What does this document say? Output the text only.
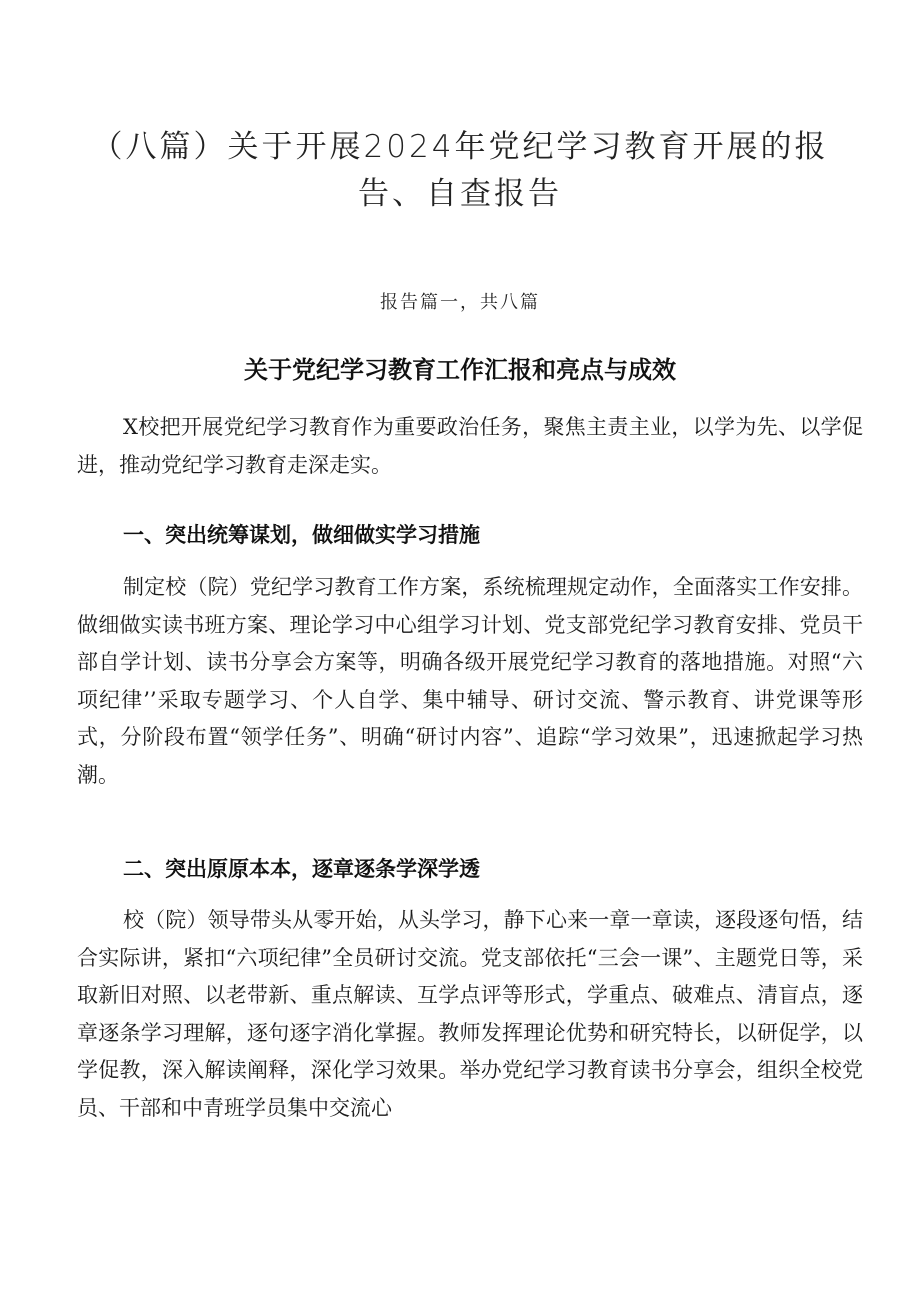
（八篇）关于开展2024年党纪学习教育开展的报
告、自查报告

报告篇一，共八篇

关于党纪学习教育工作汇报和亮点与成效

X校把开展党纪学习教育作为重要政治任务，聚焦主责主业，以学为先、以学促进，推动党纪学习教育走深走实。

一、突出统筹谋划，做细做实学习措施

制定校（院）党纪学习教育工作方案，系统梳理规定动作，全面落实工作安排。做细做实读书班方案、理论学习中心组学习计划、党支部党纪学习教育安排、党员干部自学计划、读书分享会方案等，明确各级开展党纪学习教育的落地措施。对照“六项纪律’’采取专题学习、个人自学、集中辅导、研讨交流、警示教育、讲党课等形式，分阶段布置“领学任务”、明确“研讨内容”、追踪“学习效果”，迅速掀起学习热潮。

二、突出原原本本，逐章逐条学深学透

校（院）领导带头从零开始，从头学习，静下心来一章一章读，逐段逐句悟，结合实际讲，紧扣“六项纪律”全员研讨交流。党支部依托“三会一课”、主题党日等，采取新旧对照、以老带新、重点解读、互学点评等形式，学重点、破难点、清盲点，逐章逐条学习理解，逐句逐字消化掌握。教师发挥理论优势和研究特长，以研促学，以学促教，深入解读阐释，深化学习效果。举办党纪学习教育读书分享会，组织全校党员、干部和中青班学员集中交流心
